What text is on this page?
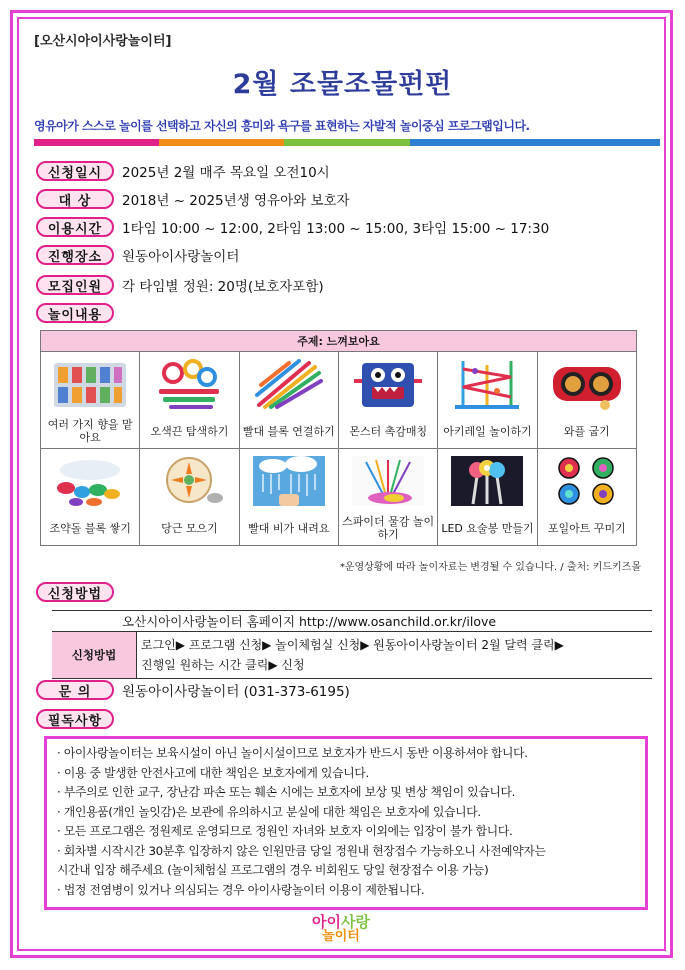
[오산시아이사랑놀이터]
2월 조물조물펀펀
영유아가 스스로 놀이를 선택하고 자신의 흥미와 욕구를 표현하는 자발적 놀이중심 프로그램입니다.
신청일시	2025년 2월 매주 목요일 오전10시
대 상	2018년 ~ 2025년생 영유아와 보호자
이용시간	1타임 10:00 ~ 12:00, 2타임 13:00 ~ 15:00, 3타임 15:00 ~ 17:30
진행장소	원동아이사랑놀이터
모집인원	각 타임별 정원: 20명(보호자포함)
놀이내용
주제: 느껴보아요					

여러 가지 향을 맡아요	오색끈 탐색하기	빨대 블록 연결하기	몬스터 촉감매칭	아키레일 놀이하기	와플 굽기

조약돌 블록 쌓기	당근 모으기	빨대 비가 내려요	스파이더 물감 놀이하기	LED 요술봉 만들기	포일아트 꾸미기
*운영상황에 따라 놀이자료는 변경될 수 있습니다. / 출처: 키드키즈몰
신청방법
오산시아이사랑놀이터 홈페이지 http://www.osanchild.or.kr/ilove
신청방법
로그인▶ 프로그램 신청▶ 놀이체험실 신청▶ 원동아이사랑놀이터 2월 달력 클릭▶
진행일 원하는 시간 클릭▶ 신청
문 의	원동아이사랑놀이터 (031-373-6195)
필독사항

· 아이사랑놀이터는 보육시설이 아닌 놀이시설이므로 보호자가 반드시 동반 이용하셔야 합니다.

· 이용 중 발생한 안전사고에 대한 책임은 보호자에게 있습니다.

· 부주의로 인한 교구, 장난감 파손 또는 훼손 시에는 보호자에 보상 및 변상 책임이 있습니다.

· 개인용품(개인 놀잇감)은 보관에 유의하시고 분실에 대한 책임은 보호자에 있습니다.

· 모든 프로그램은 정원제로 운영되므로 정원인 자녀와 보호자 이외에는 입장이 불가 합니다.

· 회차별 시작시간 30분후 입장하지 않은 인원만큼 당일 정원내 현장접수 가능하오니 사전예약자는

시간내 입장 해주세요 (놀이체험실 프로그램의 경우 비회원도 당일 현장접수 이용 가능)

· 법정 전염병이 있거나 의심되는 경우 아이사랑놀이터 이용이 제한됩니다.

아이사랑
놀이터
